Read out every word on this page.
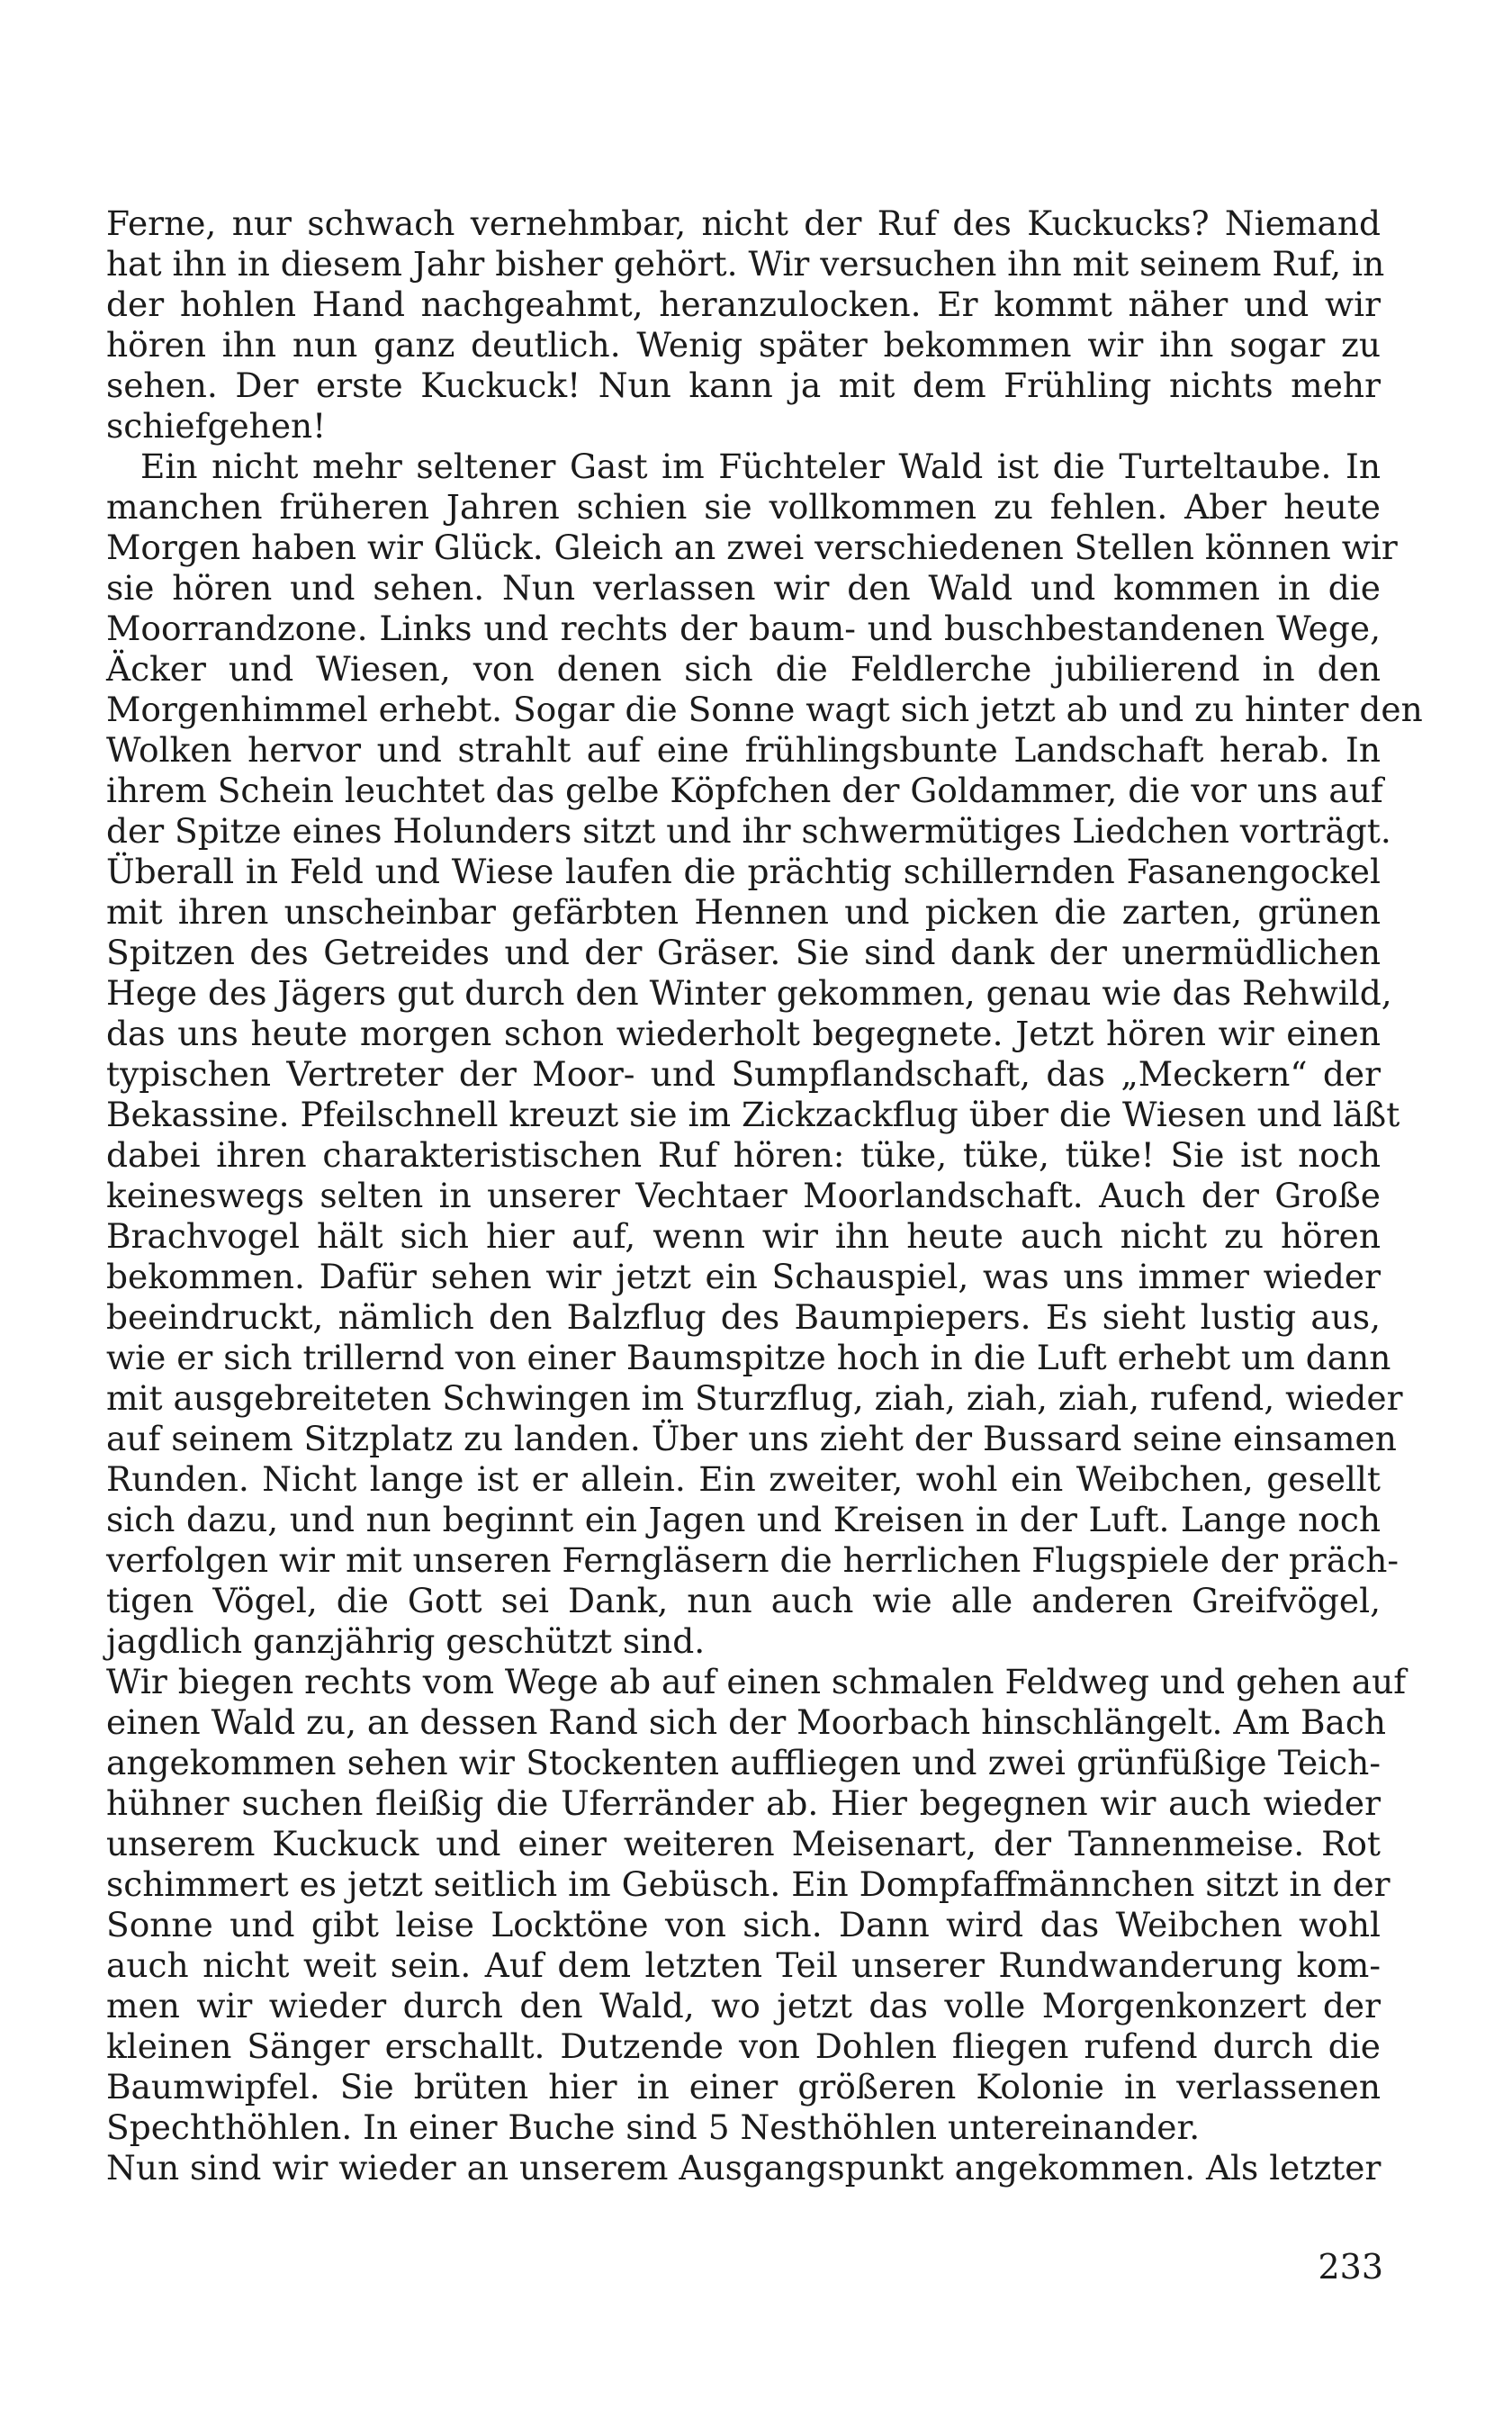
Ferne, nur schwach vernehmbar, nicht der Ruf des Kuckucks? Niemand
hat ihn in diesem Jahr bisher gehört. Wir versuchen ihn mit seinem Ruf, in
der hohlen Hand nachgeahmt, heranzulocken. Er kommt näher und wir
hören ihn nun ganz deutlich. Wenig später bekommen wir ihn sogar zu
sehen. Der erste Kuckuck! Nun kann ja mit dem Frühling nichts mehr
schiefgehen!
Ein nicht mehr seltener Gast im Füchteler Wald ist die Turteltaube. In
manchen früheren Jahren schien sie vollkommen zu fehlen. Aber heute
Morgen haben wir Glück. Gleich an zwei verschiedenen Stellen können wir
sie hören und sehen. Nun verlassen wir den Wald und kommen in die
Moorrandzone. Links und rechts der baum- und buschbestandenen Wege,
Äcker und Wiesen, von denen sich die Feldlerche jubilierend in den
Morgenhimmel erhebt. Sogar die Sonne wagt sich jetzt ab und zu hinter den
Wolken hervor und strahlt auf eine frühlingsbunte Landschaft herab. In
ihrem Schein leuchtet das gelbe Köpfchen der Goldammer, die vor uns auf
der Spitze eines Holunders sitzt und ihr schwermütiges Liedchen vorträgt.
Überall in Feld und Wiese laufen die prächtig schillernden Fasanengockel
mit ihren unscheinbar gefärbten Hennen und picken die zarten, grünen
Spitzen des Getreides und der Gräser. Sie sind dank der unermüdlichen
Hege des Jägers gut durch den Winter gekommen, genau wie das Rehwild,
das uns heute morgen schon wiederholt begegnete. Jetzt hören wir einen
typischen Vertreter der Moor- und Sumpflandschaft, das „Meckern“ der
Bekassine. Pfeilschnell kreuzt sie im Zickzackflug über die Wiesen und läßt
dabei ihren charakteristischen Ruf hören: tüke, tüke, tüke! Sie ist noch
keineswegs selten in unserer Vechtaer Moorlandschaft. Auch der Große
Brachvogel hält sich hier auf, wenn wir ihn heute auch nicht zu hören
bekommen. Dafür sehen wir jetzt ein Schauspiel, was uns immer wieder
beeindruckt, nämlich den Balzflug des Baumpiepers. Es sieht lustig aus,
wie er sich trillernd von einer Baumspitze hoch in die Luft erhebt um dann
mit ausgebreiteten Schwingen im Sturzflug, ziah, ziah, ziah, rufend, wieder
auf seinem Sitzplatz zu landen. Über uns zieht der Bussard seine einsamen
Runden. Nicht lange ist er allein. Ein zweiter, wohl ein Weibchen, gesellt
sich dazu, und nun beginnt ein Jagen und Kreisen in der Luft. Lange noch
verfolgen wir mit unseren Ferngläsern die herrlichen Flugspiele der präch-
tigen Vögel, die Gott sei Dank, nun auch wie alle anderen Greifvögel,
jagdlich ganzjährig geschützt sind.
Wir biegen rechts vom Wege ab auf einen schmalen Feldweg und gehen auf
einen Wald zu, an dessen Rand sich der Moorbach hinschlängelt. Am Bach
angekommen sehen wir Stockenten auffliegen und zwei grünfüßige Teich-
hühner suchen fleißig die Uferränder ab. Hier begegnen wir auch wieder
unserem Kuckuck und einer weiteren Meisenart, der Tannenmeise. Rot
schimmert es jetzt seitlich im Gebüsch. Ein Dompfaffmännchen sitzt in der
Sonne und gibt leise Locktöne von sich. Dann wird das Weibchen wohl
auch nicht weit sein. Auf dem letzten Teil unserer Rundwanderung kom-
men wir wieder durch den Wald, wo jetzt das volle Morgenkonzert der
kleinen Sänger erschallt. Dutzende von Dohlen fliegen rufend durch die
Baumwipfel. Sie brüten hier in einer größeren Kolonie in verlassenen
Spechthöhlen. In einer Buche sind 5 Nesthöhlen untereinander.
Nun sind wir wieder an unserem Ausgangspunkt angekommen. Als letzter
233
